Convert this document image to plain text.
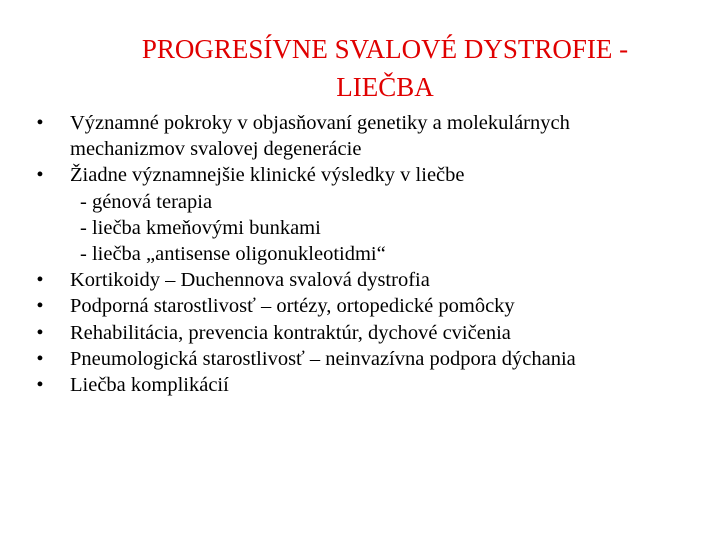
PROGRESÍVNE SVALOVÉ DYSTROFIE -
LIEČBA
•	Významné pokroky v objasňovaní genetiky a molekulárnych
mechanizmov svalovej degenerácie
•	Žiadne významnejšie klinické výsledky v liečbe
- génová terapia
- liečba kmeňovými bunkami
- liečba „antisense oligonukleotidmi“
•	Kortikoidy – Duchennova svalová dystrofia
•	Podporná starostlivosť – ortézy, ortopedické pomôcky
•	Rehabilitácia, prevencia kontraktúr, dychové cvičenia
•	Pneumologická starostlivosť – neinvazívna podpora dýchania
•	Liečba komplikácií
